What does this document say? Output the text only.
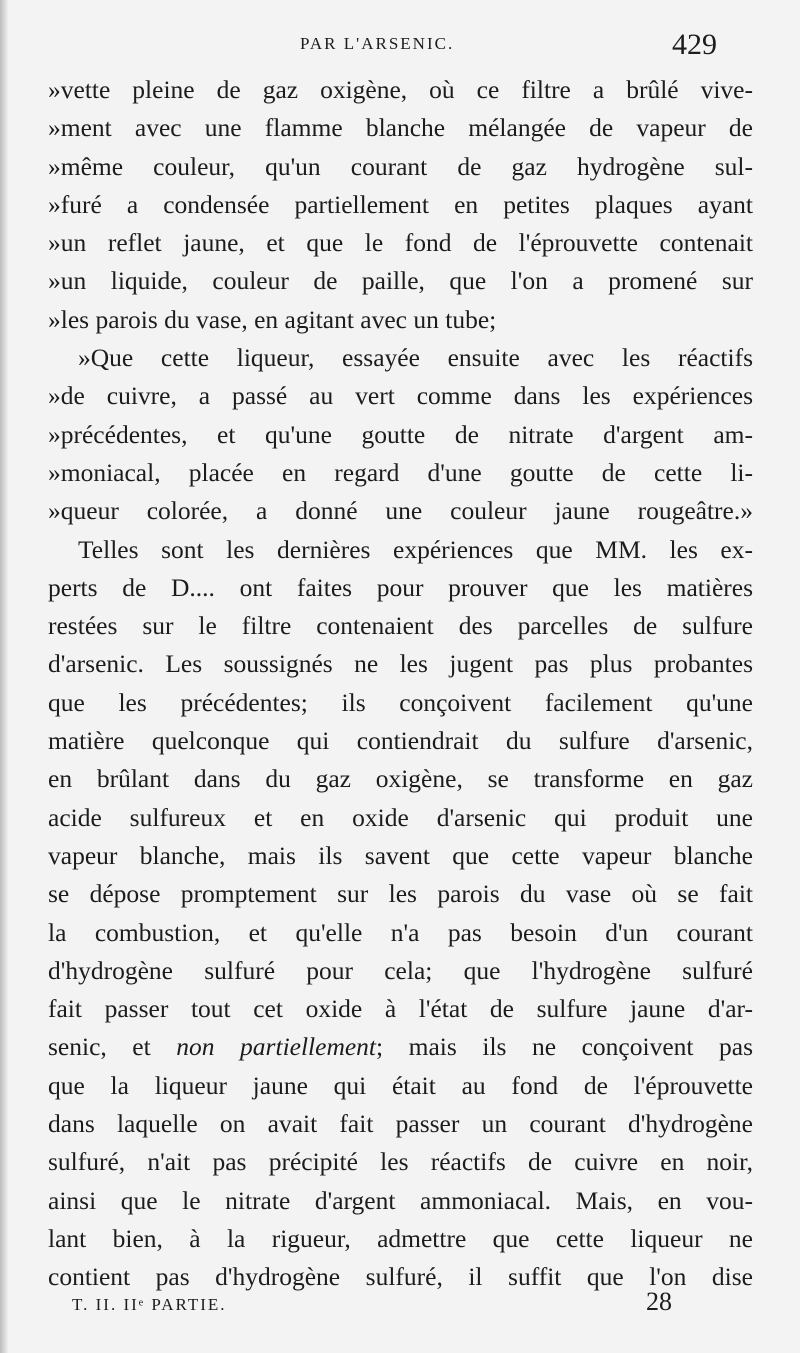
PAR L'ARSENIC.	429
»vette pleine de gaz oxigène, où ce filtre a brûlé vive-
»ment avec une flamme blanche mélangée de vapeur de
»même couleur, qu'un courant de gaz hydrogène sul-
»furé a condensée partiellement en petites plaques ayant
»un reflet jaune, et que le fond de l'éprouvette contenait
»un liquide, couleur de paille, que l'on a promené sur
»les parois du vase, en agitant avec un tube;
»Que cette liqueur, essayée ensuite avec les réactifs
»de cuivre, a passé au vert comme dans les expériences
»précédentes, et qu'une goutte de nitrate d'argent am-
»moniacal, placée en regard d'une goutte de cette li-
»queur colorée, a donné une couleur jaune rougeâtre.»
Telles sont les dernières expériences que MM. les ex-
perts de D.... ont faites pour prouver que les matières
restées sur le filtre contenaient des parcelles de sulfure
d'arsenic. Les soussignés ne les jugent pas plus probantes
que les précédentes; ils conçoivent facilement qu'une
matière quelconque qui contiendrait du sulfure d'arsenic,
en brûlant dans du gaz oxigène, se transforme en gaz
acide sulfureux et en oxide d'arsenic qui produit une
vapeur blanche, mais ils savent que cette vapeur blanche
se dépose promptement sur les parois du vase où se fait
la combustion, et qu'elle n'a pas besoin d'un courant
d'hydrogène sulfuré pour cela; que l'hydrogène sulfuré
fait passer tout cet oxide à l'état de sulfure jaune d'ar-
senic, et non partiellement; mais ils ne conçoivent pas
que la liqueur jaune qui était au fond de l'éprouvette
dans laquelle on avait fait passer un courant d'hydrogène
sulfuré, n'ait pas précipité les réactifs de cuivre en noir,
ainsi que le nitrate d'argent ammoniacal. Mais, en vou-
lant bien, à la rigueur, admettre que cette liqueur ne
contient pas d'hydrogène sulfuré, il suffit que l'on dise
T. II. IIᵉ PARTIE.	28
